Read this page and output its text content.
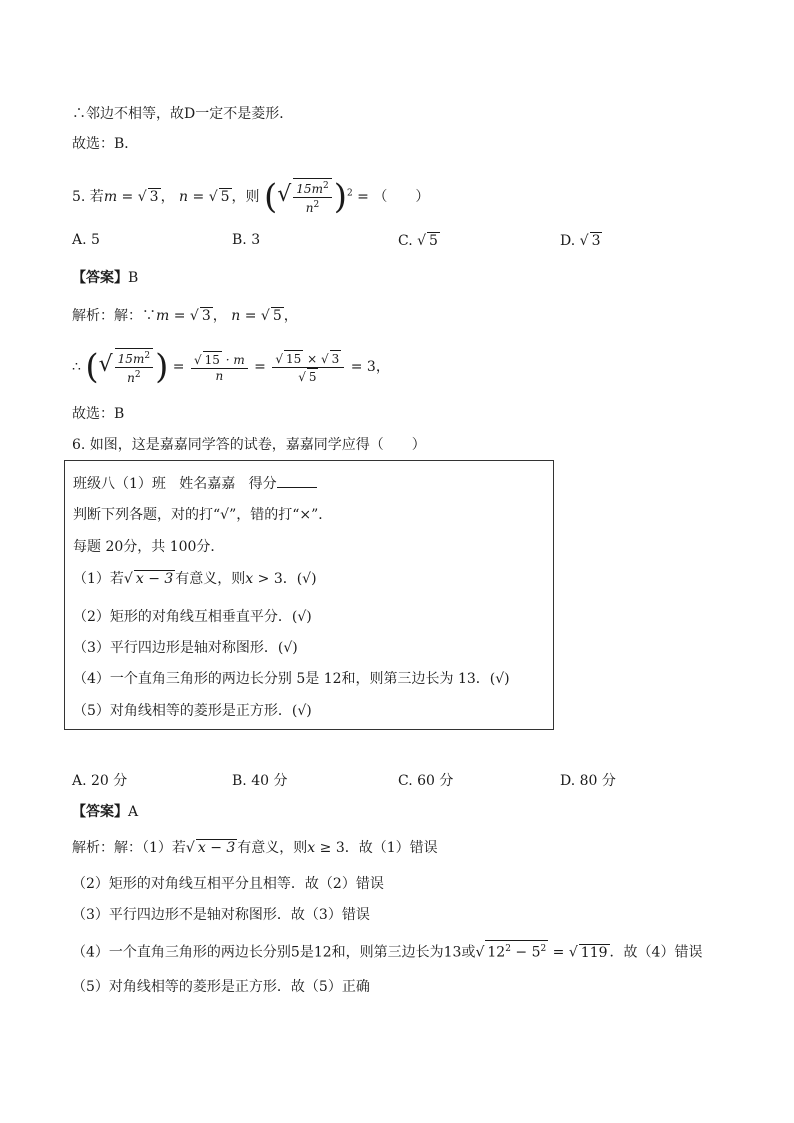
∴邻边不相等，故D一定不是菱形．
故选：B．
5. 若m = √ 3 ， n = √ 5 ，则 (√ $\frac{15m^2}{n^2} )^2$ = （　　）
A. 5	B. 3	C. √ 5	D. √ 3
【答案】B
解析：解：∵m = √ 3 ， n = √ 5 ，
∴ (√ $\frac{15m^2}{n^2}$ ) = $\frac{√ 15 \cdot m}{n} = \frac{√ 15 \times √ 3}{√ 5} = 3$，
故选：B
6. 如图，这是嘉嘉同学答的试卷，嘉嘉同学应得（　　）
班级八（1）班 姓名嘉嘉 得分
判断下列各题，对的打“√”，错的打“×”．
每题 20分，共 100分．
（1）若√ x − 3 有意义，则x > 3．(√)
（2）矩形的对角线互相垂直平分．(√)
（3）平行四边形是轴对称图形．(√)
（4）一个直角三角形的两边长分别 5是 12和，则第三边长为 13．(√)
（5）对角线相等的菱形是正方形．(√)
A. 20 分	B. 40 分	C. 60 分	D. 80 分
【答案】A
解析：解：（1）若√ x − 3 有意义，则x ≥ 3．故（1）错误
（2）矩形的对角线互相平分且相等．故（2）错误
（3）平行四边形不是轴对称图形．故（3）错误
（4）一个直角三角形的两边长分别5是12和，则第三边长为13或√ $12^2 - 5^2$ = √ 119 ．故（4）错误
（5）对角线相等的菱形是正方形．故（5）正确
